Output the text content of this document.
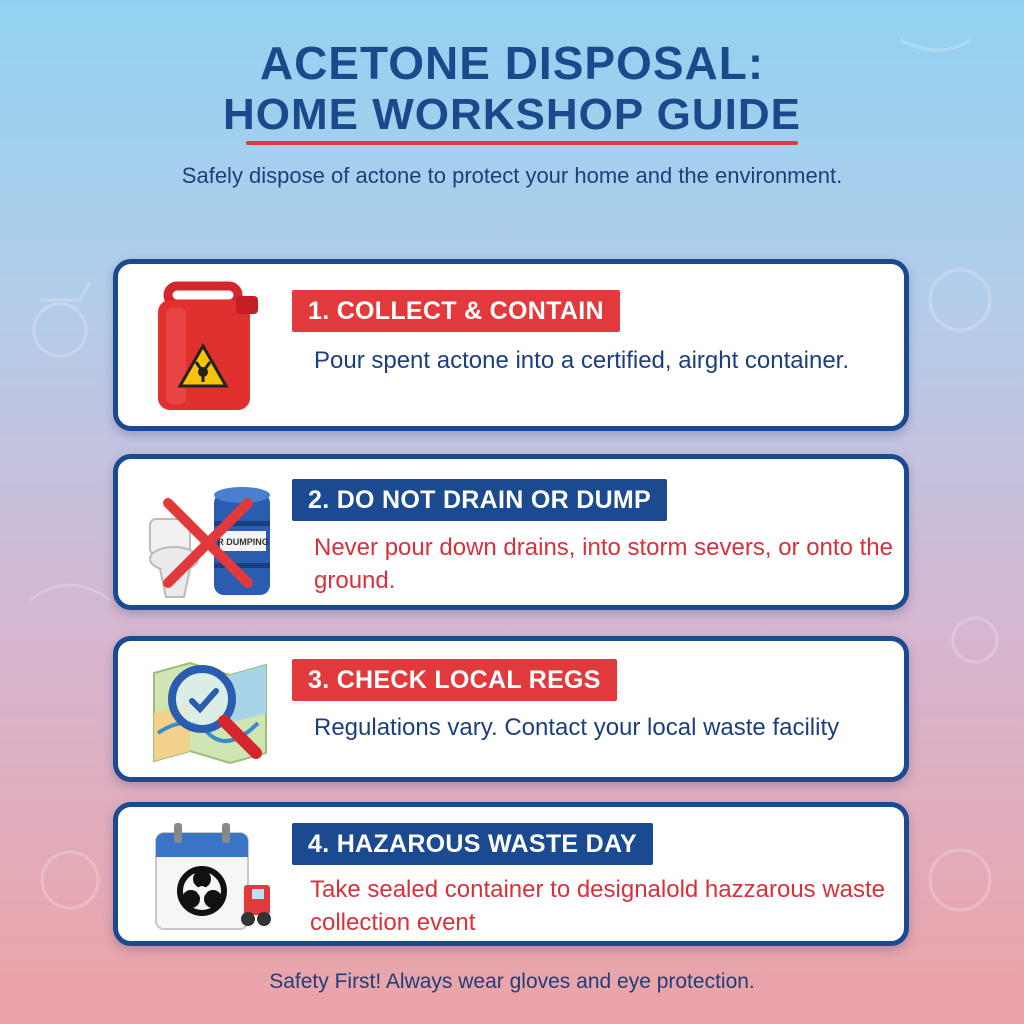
ACETONE DISPOSAL:
HOME WORKSHOP GUIDE
Safely dispose of actone to protect your home and the environment.
1. COLLECT & CONTAIN
Pour spent actone into a certified, airght container.
R DUMPING
2. DO NOT DRAIN OR DUMP
Never pour down drains, into storm severs, or onto the ground.
3. CHECK LOCAL REGS
Regulations vary. Contact your local waste facility
4. HAZAROUS WASTE DAY
Take sealed container to designalold hazzarous waste collection event
Safety First! Always wear gloves and eye protection.
